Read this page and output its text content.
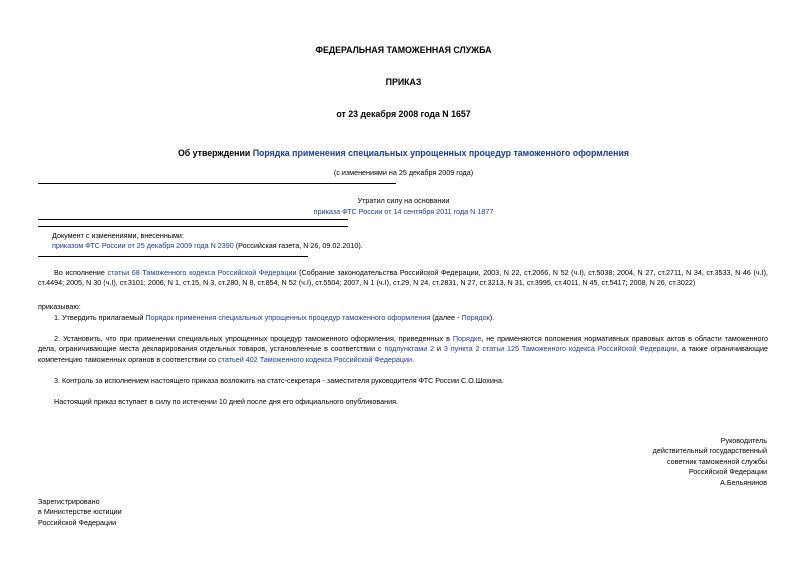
ФЕДЕРАЛЬНАЯ ТАМОЖЕННАЯ СЛУЖБА
ПРИКАЗ
от 23 декабря 2008 года N 1657
Об утверждении Порядка применения специальных упрощенных процедур таможенного оформления
(с изменениями на 25 декабря 2009 года)
Утратил силу на основании
приказа ФТС России от 14 сентября 2011 года N 1877
Документ с изменениями, внесенными:
приказом ФТС России от 25 декабря 2009 года N 2390 (Российская газета, N 26, 09.02.2010).
Во исполнение статьи 68 Таможенного кодекса Российской Федерации (Собрание законодательства Российской Федерации, 2003, N 22, ст.2066, N 52 (ч.I), ст.5038; 2004, N 27, ст.2711, N 34, ст.3533, N 46 (ч.I), ст.4494; 2005, N 30 (ч.I), ст.3101; 2006, N 1, ст.15, N 3, ст.280, N 8, ст.854, N 52 (ч.I), ст.5504; 2007, N 1 (ч.I), ст.29, N 24, ст.2831, N 27, ст.3213, N 31, ст.3995, ст.4011, N 45, ст.5417; 2008, N 26, ст.3022)
приказываю:
1. Утвердить прилагаемый Порядок применения специальных упрощенных процедур таможенного оформления (далее - Порядок).
2. Установить, что при применении специальных упрощенных процедур таможенного оформления, приведенных в Порядке, не применяются положения нормативных правовых актов в области таможенного дела, ограничивающие места декларирования отдельных товаров, установленные в соответствии с подпунктами 2 и 3 пункта 2 статьи 125 Таможенного кодекса Российской Федерации, а также ограничивающие компетенцию таможенных органов в соответствии со статьей 402 Таможенного кодекса Российской Федерации.
3. Контроль за исполнением настоящего приказа возложить на статс-секретаря - заместителя руководителя ФТС России С.О.Шохина.
Настоящий приказ вступает в силу по истечении 10 дней после дня его официального опубликования.
Руководитель
действительный государственный
советник таможенной службы
Российской Федерации
А.Бельянинов
Зарегистрировано
в Министерстве юстиции
Российской Федерации
